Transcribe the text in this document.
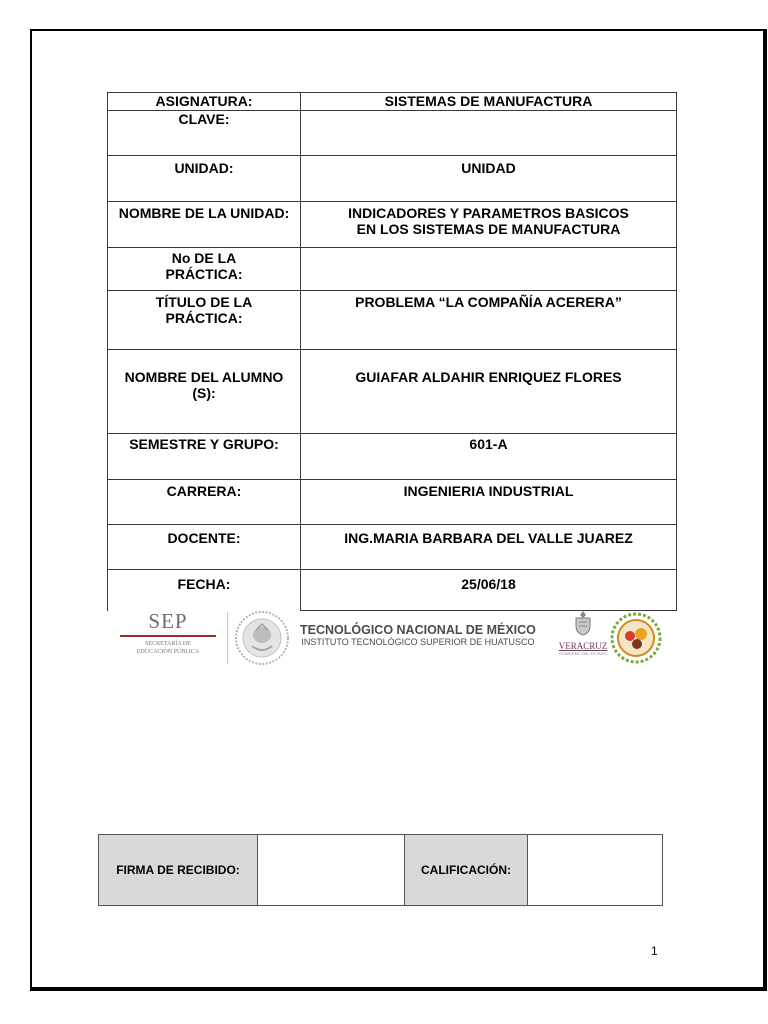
ASIGNATURA:	SISTEMAS DE MANUFACTURA
CLAVE:	
UNIDAD:	UNIDAD
NOMBRE DE LA UNIDAD:	INDICADORES Y PARAMETROS BASICOS EN LOS SISTEMAS DE MANUFACTURA
No DE LA PRÁCTICA:	
TÍTULO DE LA PRÁCTICA:	PROBLEMA “LA COMPAÑÍA ACERERA”
NOMBRE DEL ALUMNO (S):	GUIAFAR ALDAHIR ENRIQUEZ FLORES
SEMESTRE Y GRUPO:	601-A
CARRERA:	INGENIERIA INDUSTRIAL
DOCENTE:	ING.MARIA BARBARA DEL VALLE JUAREZ
FECHA:	25/06/18
SEP
SECRETARÍA DE
EDUCACIÓN PÚBLICA
TECNOLÓGICO NACIONAL DE MÉXICO
INSTITUTO TECNOLÓGICO SUPERIOR DE HUATUSCO	VERACRUZ
GOBIERNO DEL ESTADO
FIRMA DE RECIBIDO:		CALIFICACIÓN:	
1
